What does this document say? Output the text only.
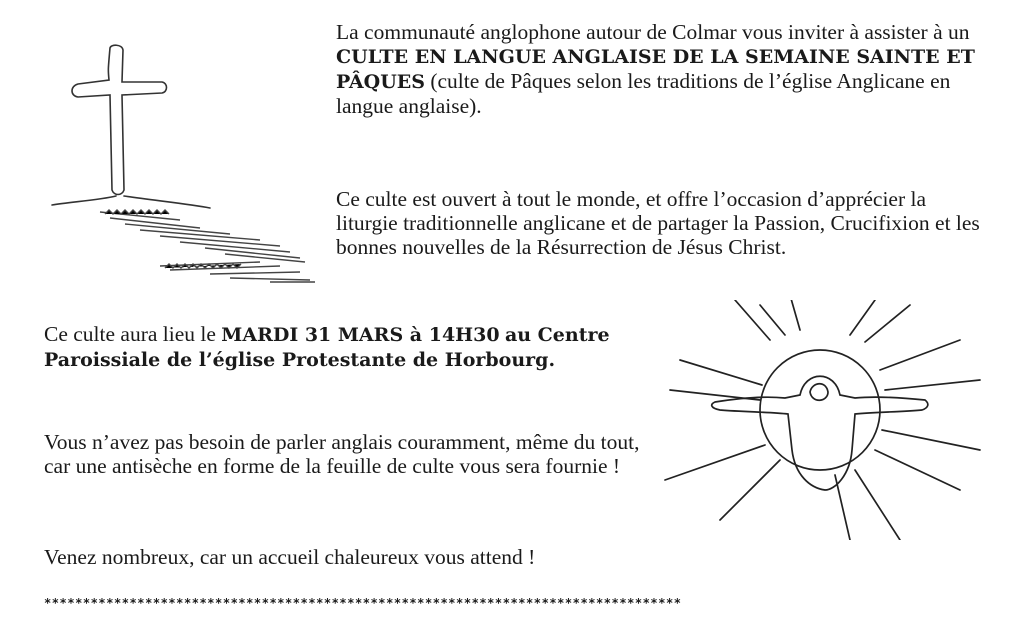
La communauté anglophone autour de Colmar vous inviter à assister à un CULTE EN LANGUE ANGLAISE DE LA SEMAINE SAINTE ET PÂQUES (culte de Pâques selon les traditions de l’église Anglicane en langue anglaise).
Ce culte est ouvert à tout le monde, et offre l’occasion d’apprécier la liturgie traditionnelle anglicane et de partager la Passion, Crucifixion et les bonnes nouvelles de la Résurrection de Jésus Christ.
Ce culte aura lieu le MARDI 31 MARS à 14H30 au Centre Paroissiale de l’église Protestante de Horbourg.
Vous n’avez pas besoin de parler anglais couramment, même du tout, car une antisèche en forme de la feuille de culte vous sera fournie !
Venez nombreux, car un accueil chaleureux vous attend !
**********************************************************************************
